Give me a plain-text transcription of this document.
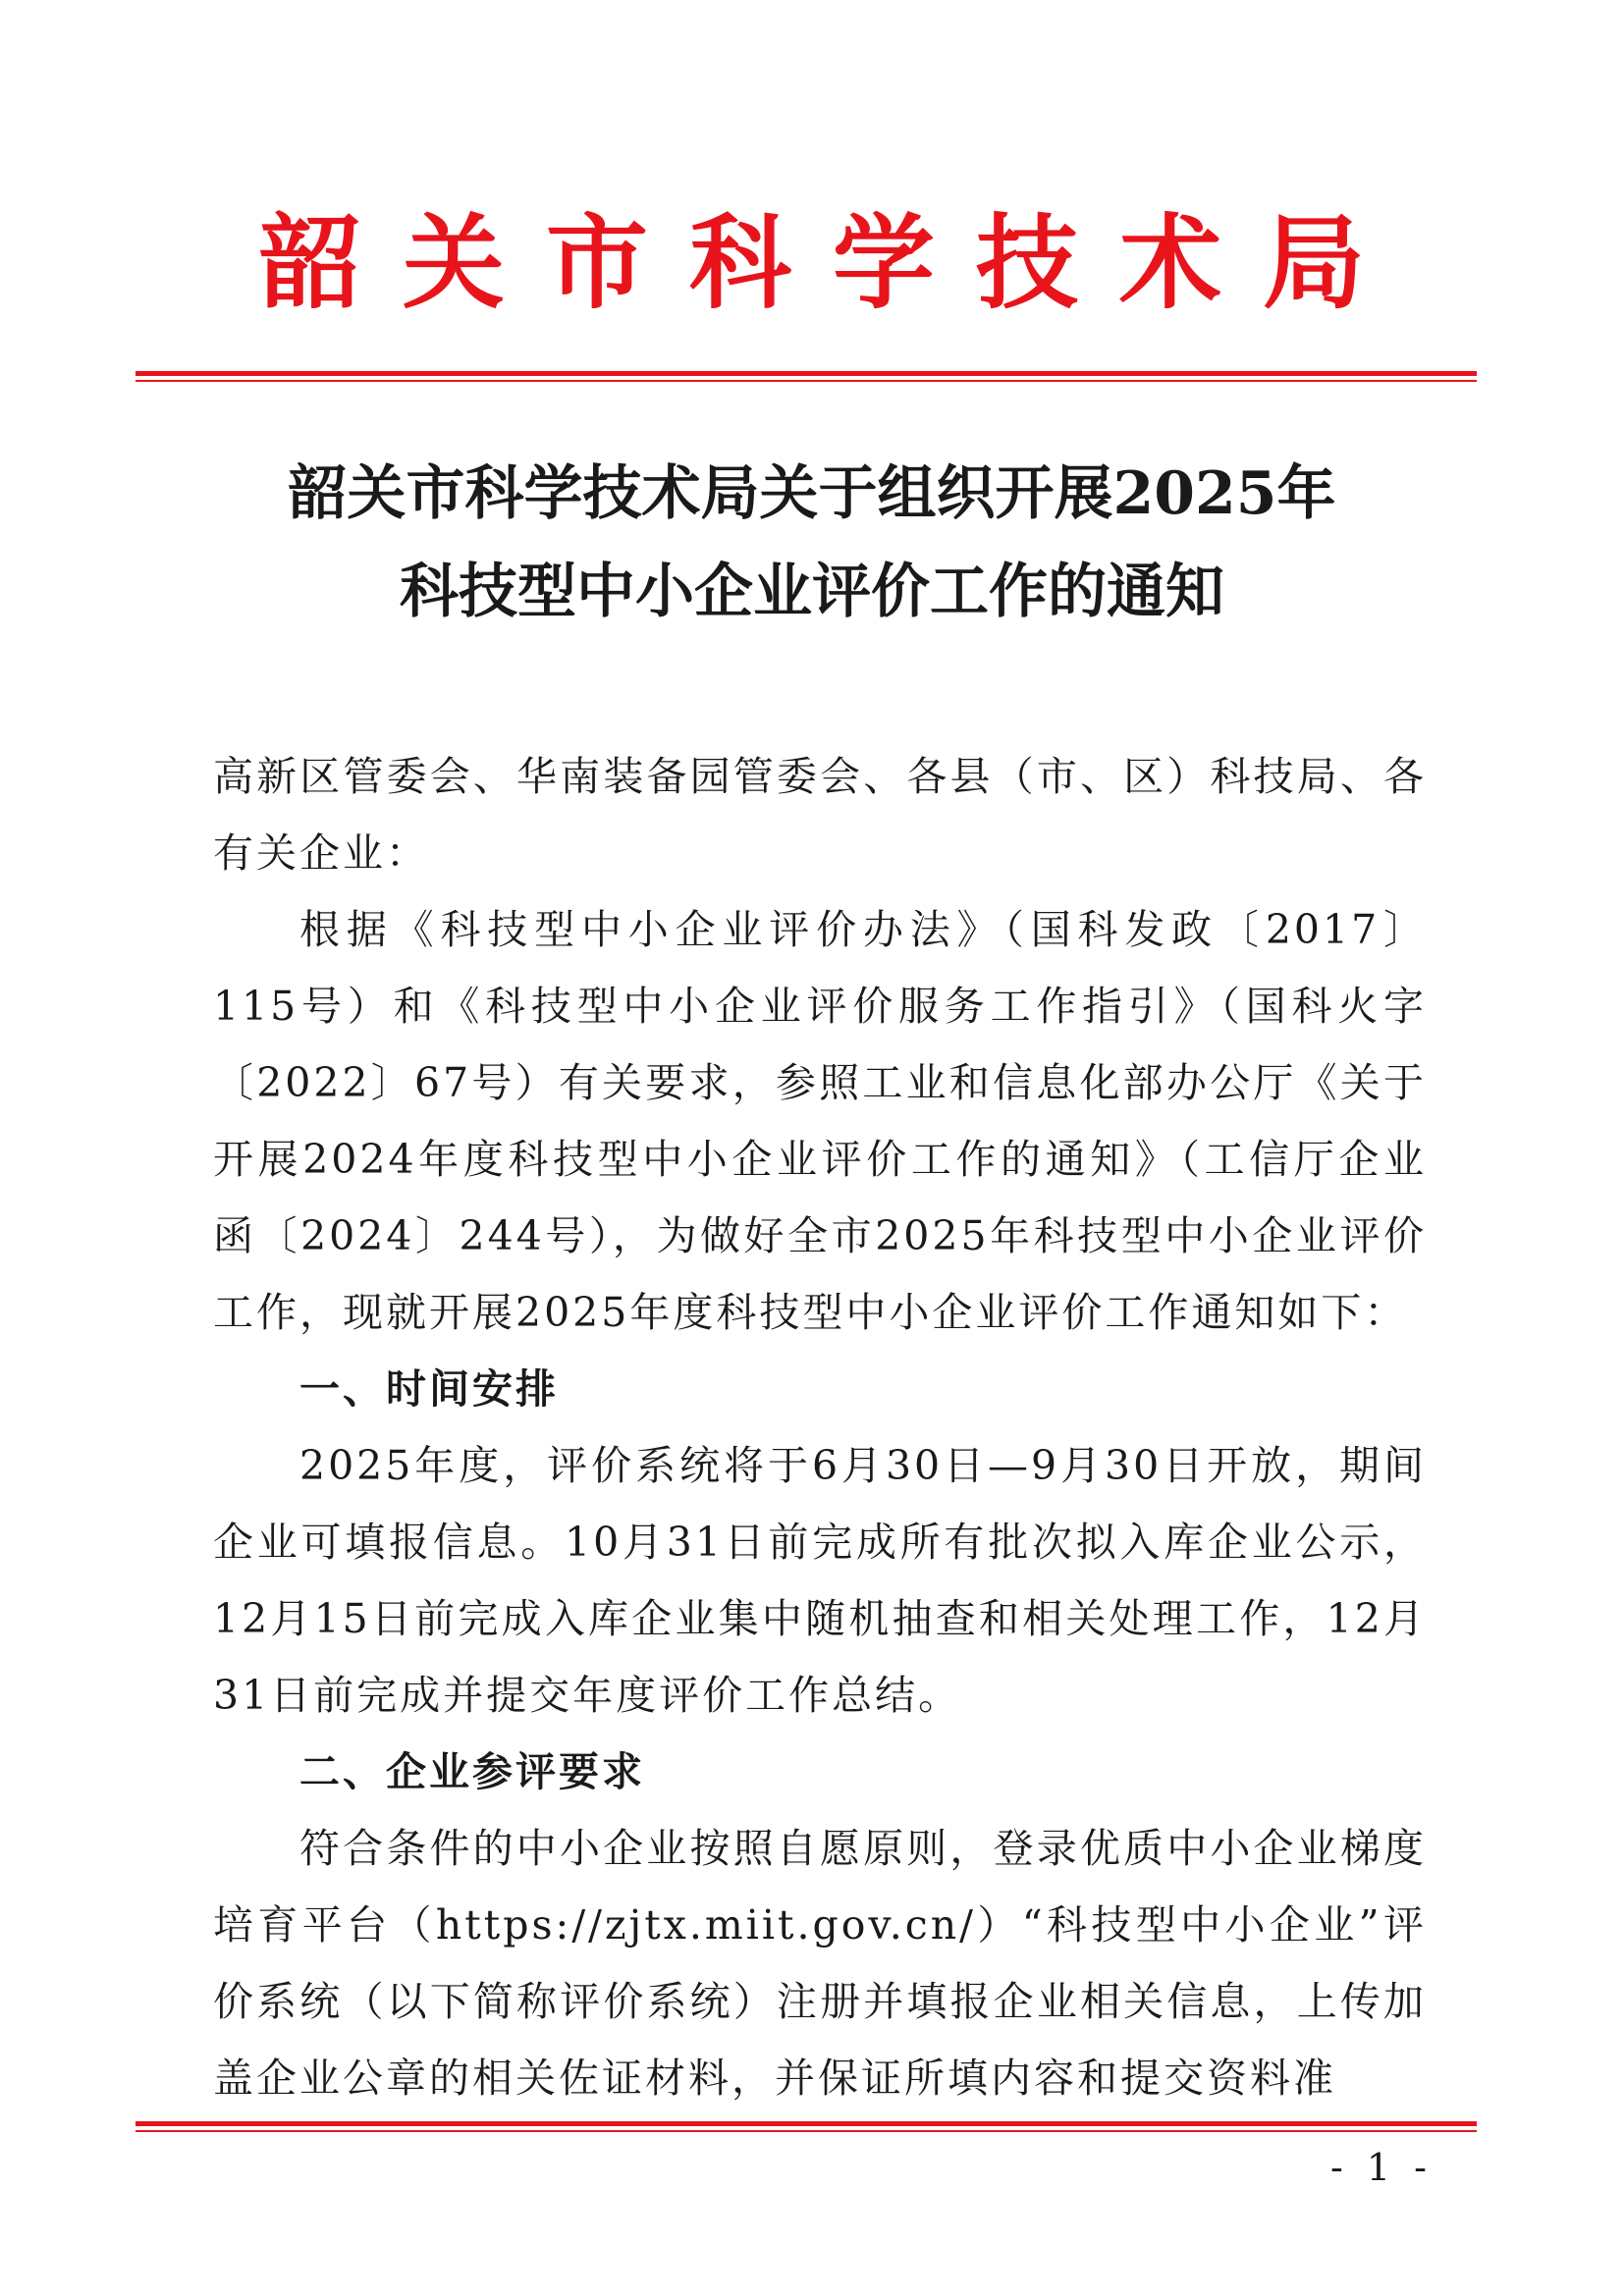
韶关市科学技术局
韶关市科学技术局关于组织开展2025年
科技型中小企业评价工作的通知

高新区管委会、华南装备园管委会、各县（市、区）科技局、各有关企业：

根据《科技型中小企业评价办法》（国科发政〔2017〕115号）和《科技型中小企业评价服务工作指引》（国科火字〔2022〕67号）有关要求，参照工业和信息化部办公厅《关于开展2024年度科技型中小企业评价工作的通知》（工信厅企业函〔2024〕244号），为做好全市2025年科技型中小企业评价工作，现就开展2025年度科技型中小企业评价工作通知如下：

一、时间安排

2025年度，评价系统将于6月30日—9月30日开放，期间企业可填报信息。10月31日前完成所有批次拟入库企业公示，12月15日前完成入库企业集中随机抽查和相关处理工作，12月31日前完成并提交年度评价工作总结。

二、企业参评要求

符合条件的中小企业按照自愿原则，登录优质中小企业梯度培育平台（https://zjtx.miit.gov.cn/）“科技型中小企业”评价系统（以下简称评价系统）注册并填报企业相关信息，上传加盖企业公章的相关佐证材料，并保证所填内容和提交资料准

- 1 -
